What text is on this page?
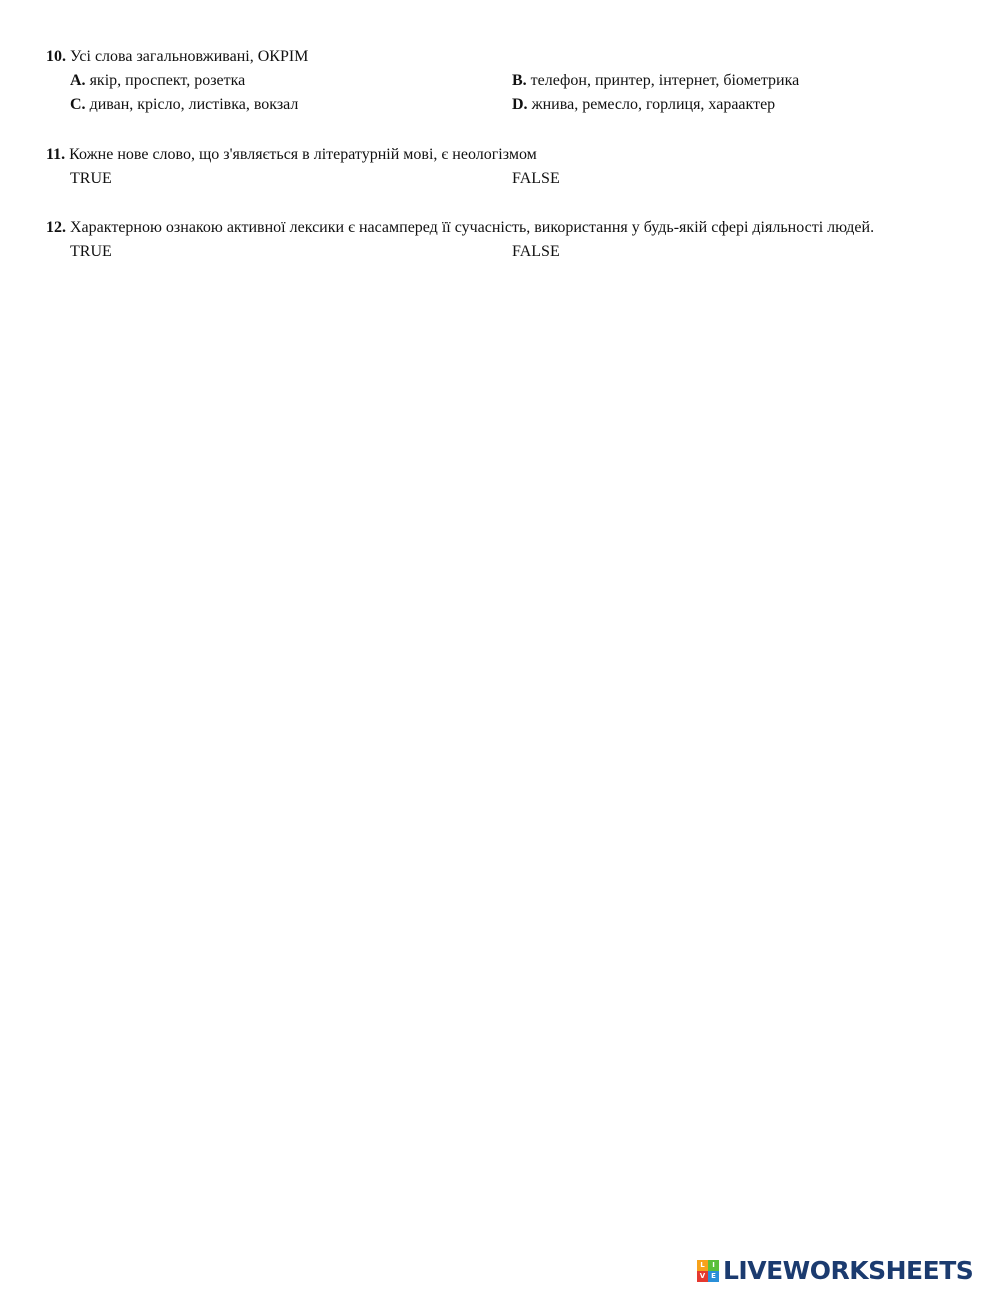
10. Усі слова загальновживані, ОКРІМ
A. якір, проспект, розетка	B. телефон, принтер, інтернет, біометрика
C. диван, крісло, листівка, вокзал	D. жнива, ремесло, горлиця, хараактер
11. Кожне нове слово, що з'являється в літературній мові, є неологізмом
TRUE	FALSE
12. Характерною ознакою активної лексики є насамперед її сучасність, використання у будь-якій сфері діяльності людей.
TRUE	FALSE
L	I
V E LIVEWORKSHEETS
